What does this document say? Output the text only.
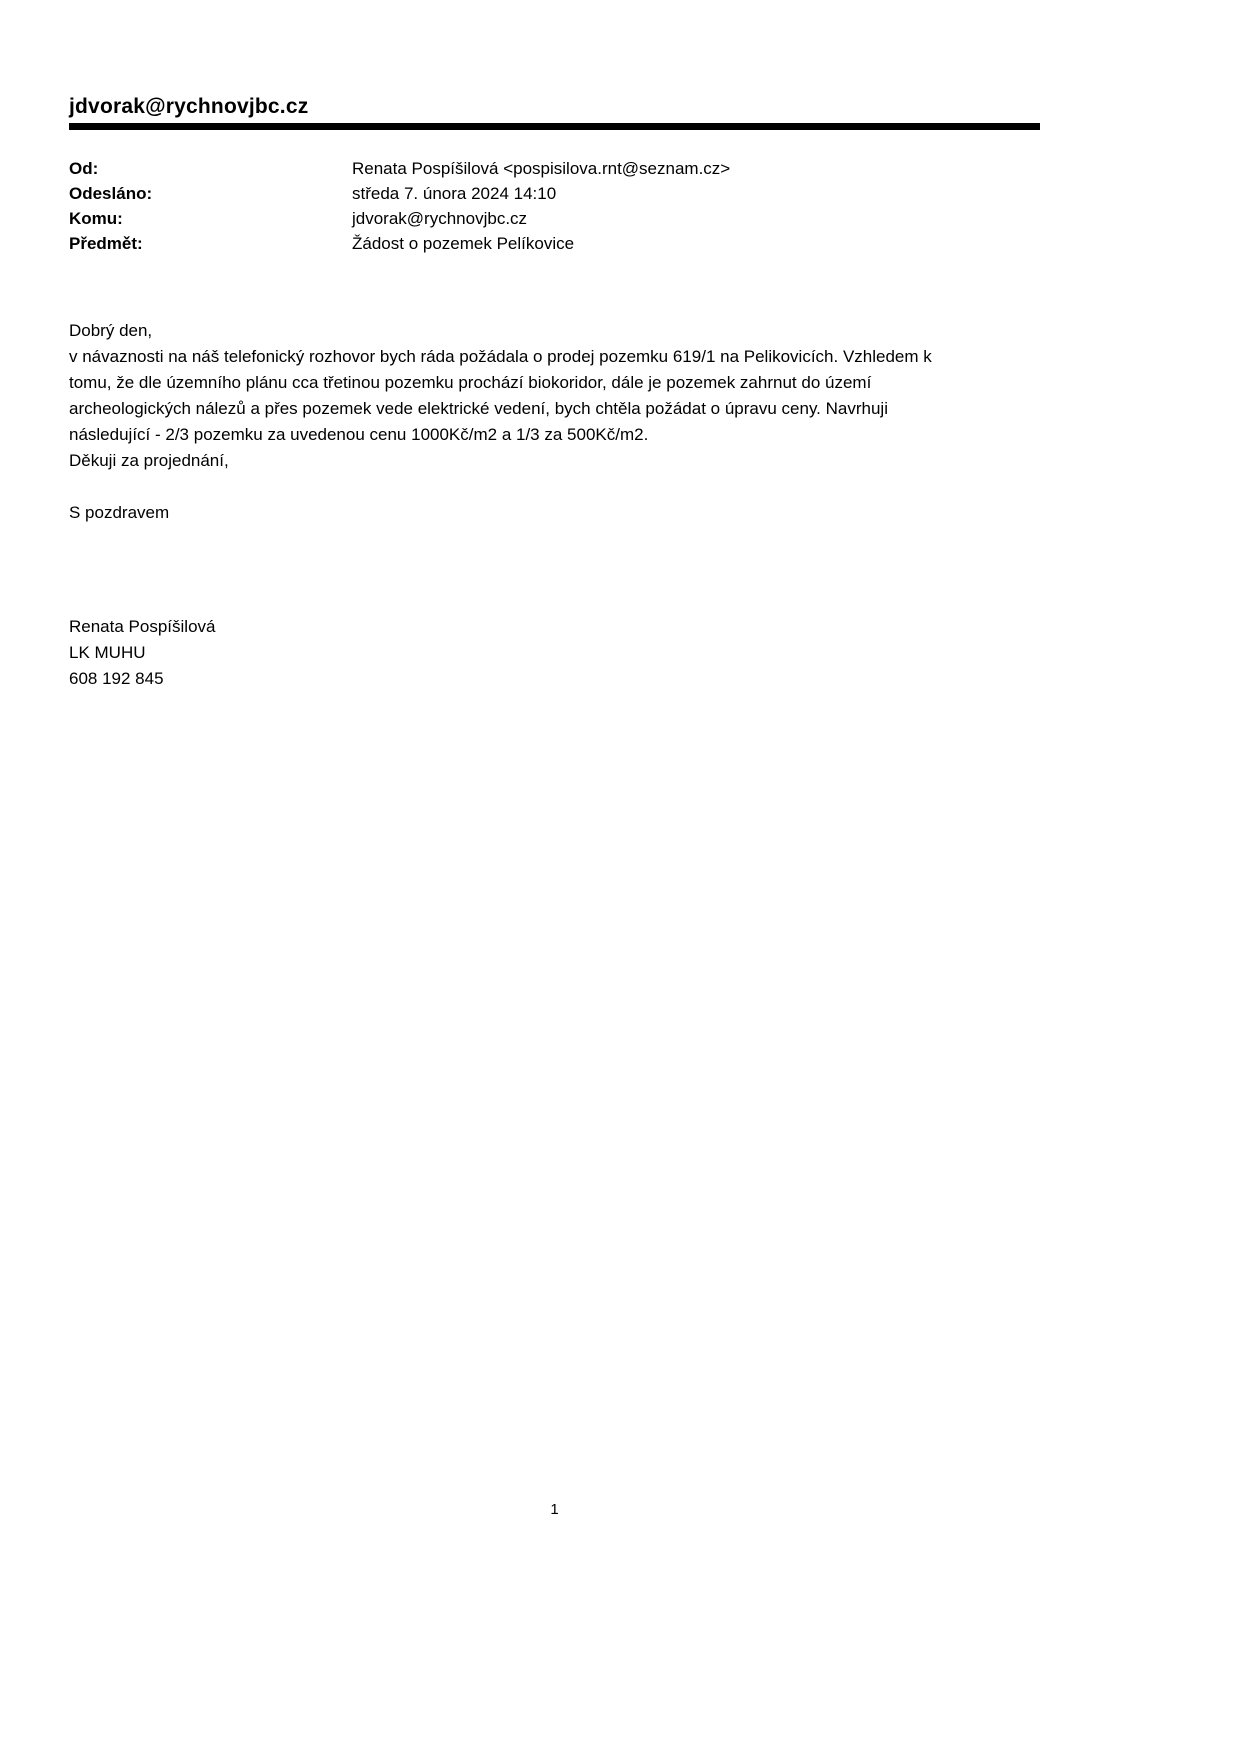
jdvorak@rychnovjbc.cz
Od:	Renata Pospíšilová <pospisilova.rnt@seznam.cz>
Odesláno:	středa 7. února 2024 14:10
Komu:	jdvorak@rychnovjbc.cz
Předmět:	Žádost o pozemek Pelíkovice
Dobrý den,
v návaznosti na náš telefonický rozhovor bych ráda požádala o prodej pozemku 619/1 na Pelikovicích. Vzhledem k
tomu, že dle územního plánu cca třetinou pozemku prochází biokoridor, dále je pozemek zahrnut do území
archeologických nálezů a přes pozemek vede elektrické vedení, bych chtěla požádat o úpravu ceny. Navrhuji
následující - 2/3 pozemku za uvedenou cenu 1000Kč/m2 a 1/3 za 500Kč/m2.
Děkuji za projednání,
S pozdravem
Renata Pospíšilová
LK MUHU
608 192 845
1
